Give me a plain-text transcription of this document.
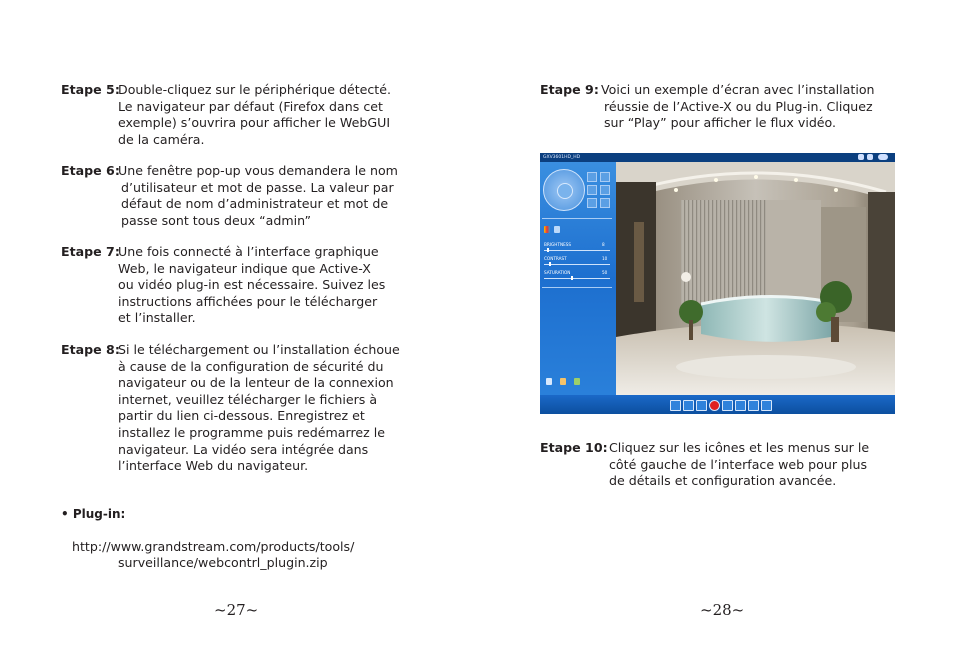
Etape 5:
Double-cliquez sur le périphérique détecté.
Le navigateur par défaut (Firefox dans cet
exemple) s’ouvrira pour afficher le WebGUI
de la caméra.
Etape 6:
Une fenêtre pop-up vous demandera le nom
d’utilisateur et mot de passe. La valeur par
défaut de nom d’administrateur et mot de
passe sont tous deux “admin”
Etape 7:
Une fois connecté à l’interface graphique
Web, le navigateur indique que Active-X
ou vidéo plug-in est nécessaire. Suivez les
instructions affichées pour le télécharger
et l’installer.
Etape 8:
Si le téléchargement ou l’installation échoue
à cause de la configuration de sécurité du
navigateur ou de la lenteur de la connexion
internet, veuillez télécharger le fichiers à
partir du lien ci-dessous. Enregistrez et
installez le programme puis redémarrez le
navigateur. La vidéo sera intégrée dans
l’interface Web du navigateur.
• Plug-in:
http://www.grandstream.com/products/tools/
surveillance/webcontrl_plugin.zip
~27~
Etape 9: Voici un exemple d’écran avec l’installation
réussie de l’Active-X ou du Plug-in. Cliquez
sur “Play” pour afficher le flux vidéo.
GXV3601HD_HD
BRIGHTNESS	8
CONTRAST	10
SATURATION	50
Etape 10: Cliquez sur les icônes et les menus sur le
côté gauche de l’interface web pour plus
de détails et configuration avancée.
~28~
